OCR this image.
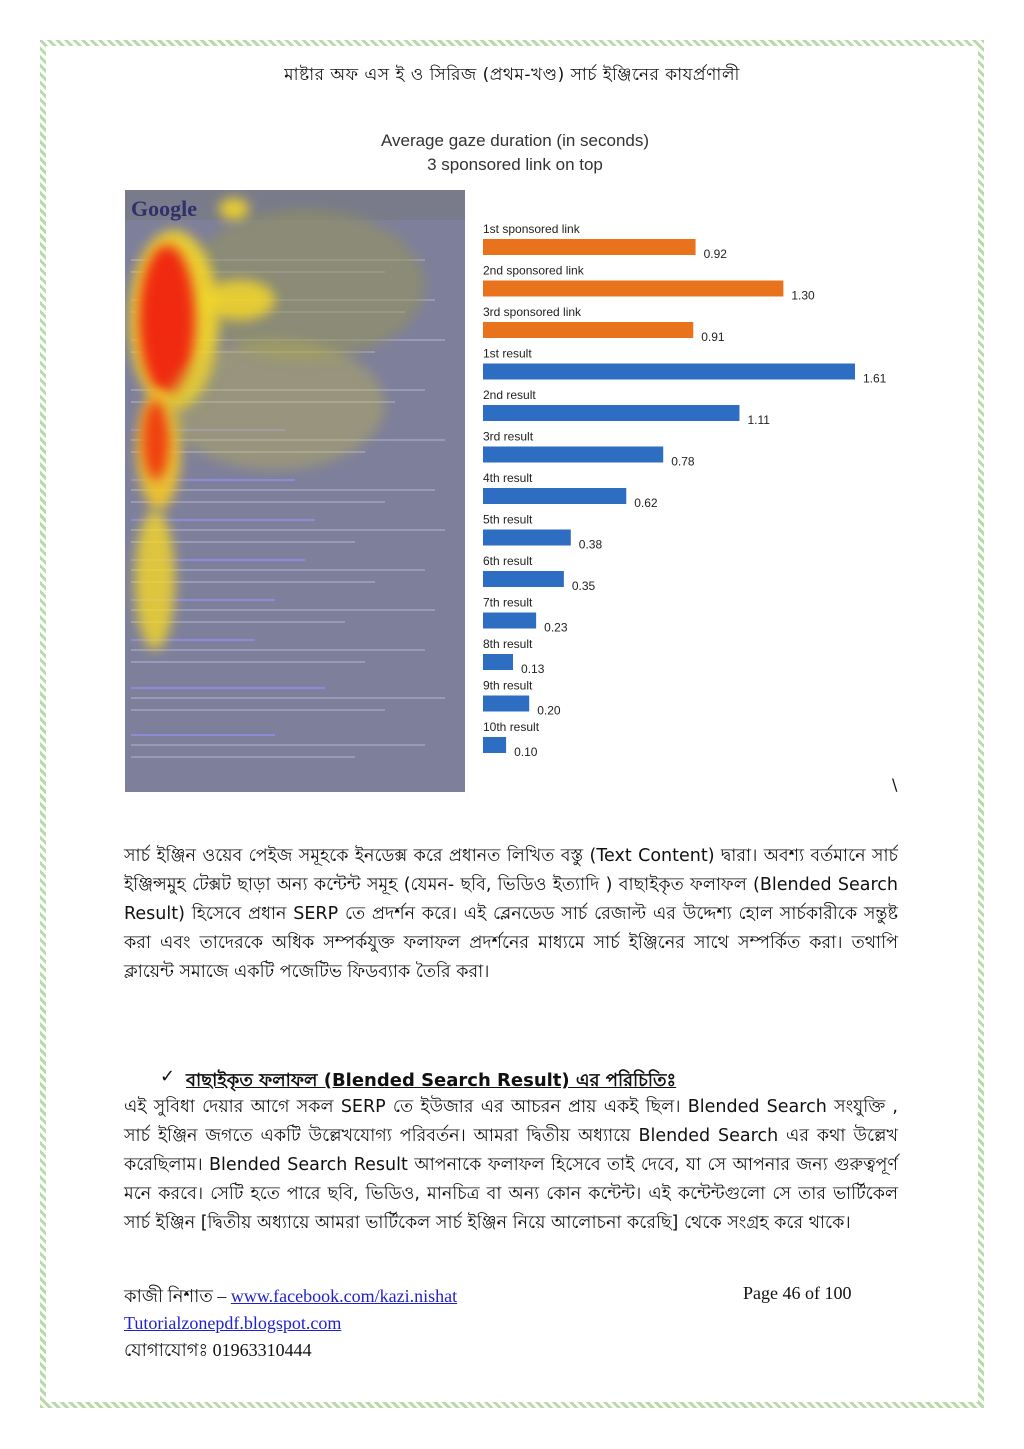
মাষ্টার অফ এস ই ও সিরিজ (প্রথম-খণ্ড) সার্চ ইঞ্জিনের কাযর্প্রণালী
Average gaze duration (in seconds)
3 sponsored link on top
Google
1st sponsored link
0.92
2nd sponsored link
1.30
3rd sponsored link
0.91
1st result
1.61
2nd result
1.11
3rd result
0.78
4th result
0.62
5th result
0.38
6th result
0.35
7th result
0.23
8th result
0.13
9th result
0.20
10th result
0.10
\
সার্চ ইঞ্জিন ওয়েব পেইজ সমূহকে ইনডেক্স করে প্রধানত লিখিত বস্তু (Text Content) দ্বারা। অবশ্য বর্তমানে সার্চ ইঞ্জিন্সমুহ টেক্সট ছাড়া অন্য কন্টেন্ট সমূহ (যেমন- ছবি, ভিডিও ইত্যাদি ) বাছাইকৃত ফলাফল (Blended Search Result) হিসেবে প্রধান SERP তে প্রদর্শন করে। এই ব্লেনডেড সার্চ রেজাল্ট এর উদ্দেশ্য হোল সার্চকারীকে সন্তুষ্ট করা এবং তাদেরকে অধিক সম্পর্কযুক্ত ফলাফল প্রদর্শনের মাধ্যমে সার্চ ইঞ্জিনের সাথে সম্পর্কিত করা। তথাপি ক্লায়েন্ট সমাজে একটি পজেটিভ ফিডব্যাক তৈরি করা।
✓ বাছাইকৃত ফলাফল (Blended Search Result) এর পরিচিতিঃ
এই সুবিধা দেয়ার আগে সকল SERP তে ইউজার এর আচরন প্রায় একই ছিল। Blended Search সংযুক্তি , সার্চ ইঞ্জিন জগতে একটি উল্লেখযোগ্য পরিবর্তন। আমরা দ্বিতীয় অধ্যায়ে Blended Search এর কথা উল্লেখ করেছিলাম। Blended Search Result আপনাকে ফলাফল হিসেবে তাই দেবে, যা সে আপনার জন্য গুরুত্বপূর্ণ মনে করবে। সেটি হতে পারে ছবি, ভিডিও, মানচিত্র বা অন্য কোন কন্টেন্ট। এই কন্টেন্টগুলো সে তার ভার্টিকেল সার্চ ইঞ্জিন [দ্বিতীয় অধ্যায়ে আমরা ভার্টিকেল সার্চ ইঞ্জিন নিয়ে আলোচনা করেছি] থেকে সংগ্রহ করে থাকে।
কাজী নিশাত – www.facebook.com/kazi.nishat
Tutorialzonepdf.blogspot.com
যোগাযোগঃ 01963310444
Page 46 of 100
